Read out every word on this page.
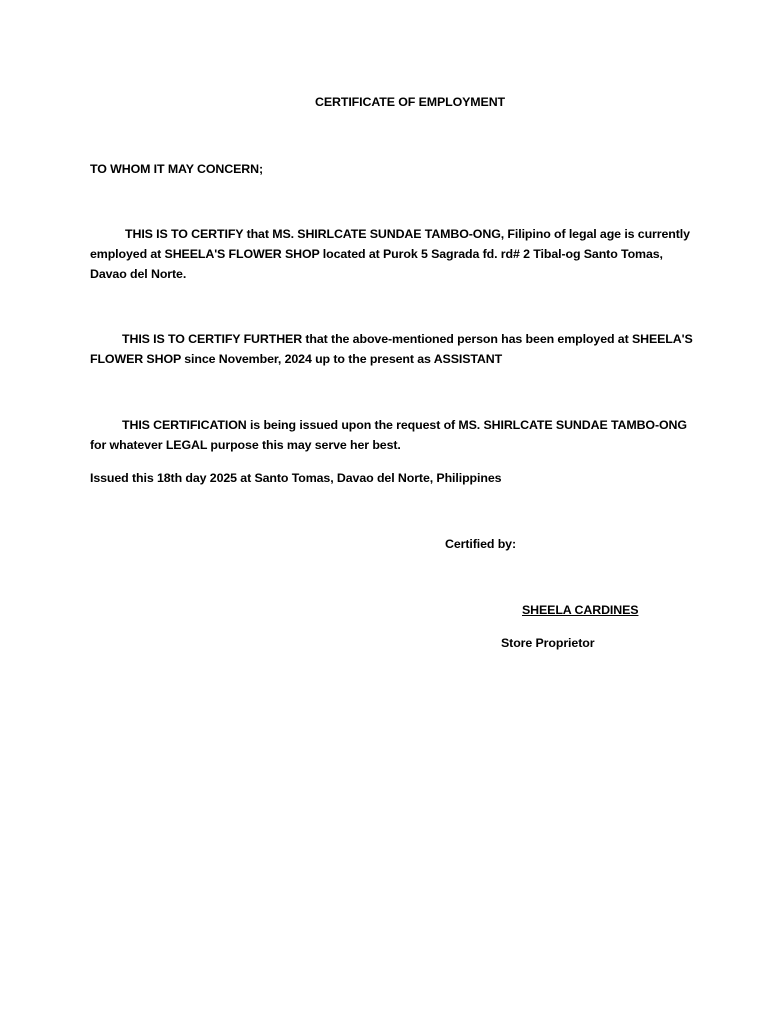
CERTIFICATE OF EMPLOYMENT

TO WHOM IT MAY CONCERN;

THIS IS TO CERTIFY that MS. SHIRLCATE SUNDAE TAMBO-ONG, Filipino of legal age is currently

employed at SHEELA'S FLOWER SHOP located at Purok 5 Sagrada fd. rd# 2 Tibal-og Santo Tomas,

Davao del Norte.

THIS IS TO CERTIFY FURTHER that the above-mentioned person has been employed at SHEELA'S

FLOWER SHOP since November, 2024 up to the present as ASSISTANT

THIS CERTIFICATION is being issued upon the request of MS. SHIRLCATE SUNDAE TAMBO-ONG

for whatever LEGAL purpose this may serve her best.

Issued this 18th day 2025 at Santo Tomas, Davao del Norte, Philippines

Certified by:

SHEELA CARDINES

Store Proprietor
